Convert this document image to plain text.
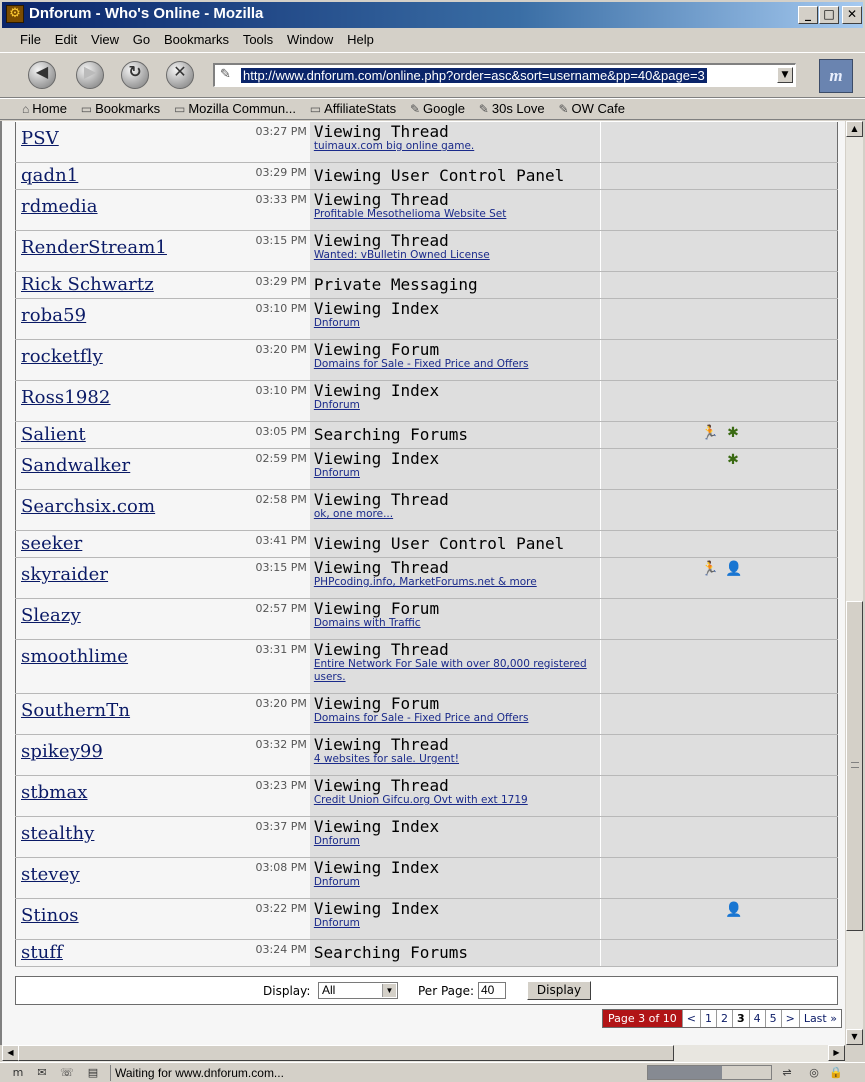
⚙ Dnforum - Who's Online - Mozilla	_	□	✕
File Edit View Go Bookmarks Tools Window Help
◀	▶	↻	✕	✎ http://www.dnforum.com/online.php?order=asc&sort=username&pp=40&page=3	▼	m
⌂ Home ▭ Bookmarks ▭ Mozilla Commun... ▭ AffiliateStats ✎ Google ✎ 30s Love ✎ OW Cafe
PSV 03:27 PM	Viewing Thread
tuimaux.com big online game.	

qadn1 03:29 PM	Viewing User Control Panel	

rdmedia 03:33 PM	Viewing Thread
Profitable Mesothelioma Website Set	

RenderStream1 03:15 PM	Viewing Thread
Wanted: vBulletin Owned License	

Rick Schwartz 03:29 PM	Private Messaging	

roba59 03:10 PM	Viewing Index
Dnforum	

rocketfly 03:20 PM	Viewing Forum
Domains for Sale - Fixed Price and Offers	

Ross1982 03:10 PM	Viewing Index
Dnforum	

Salient 03:05 PM	Searching Forums	🏃 ✱

Sandwalker 02:59 PM	Viewing Index
Dnforum	✱

Searchsix.com 02:58 PM	Viewing Thread
ok, one more...	

seeker 03:41 PM	Viewing User Control Panel	

skyraider 03:15 PM	Viewing Thread
PHPcoding.info, MarketForums.net & more	🏃 👤

Sleazy 02:57 PM	Viewing Forum
Domains with Traffic	

smoothlime 03:31 PM	Viewing Thread
Entire Network For Sale with over 80,000 registered users.	

SouthernTn 03:20 PM	Viewing Forum
Domains for Sale - Fixed Price and Offers	

spikey99 03:32 PM	Viewing Thread
4 websites for sale. Urgent!	

stbmax 03:23 PM	Viewing Thread
Credit Union Gifcu.org Ovt with ext 1719	

stealthy 03:37 PM	Viewing Index
Dnforum	

stevey 03:08 PM	Viewing Index
Dnforum	

Stinos 03:22 PM	Viewing Index
Dnforum	👤

stuff 03:24 PM	Searching Forums	

Display: All	▼ Per Page: 40	Display
Page 3 of 10 < 1 2 3 4 5 > Last »
▲
▼
◀	▶
m	✉	☏ ▤	Waiting for www.dnforum.com...	⇌	◎ 🔒
